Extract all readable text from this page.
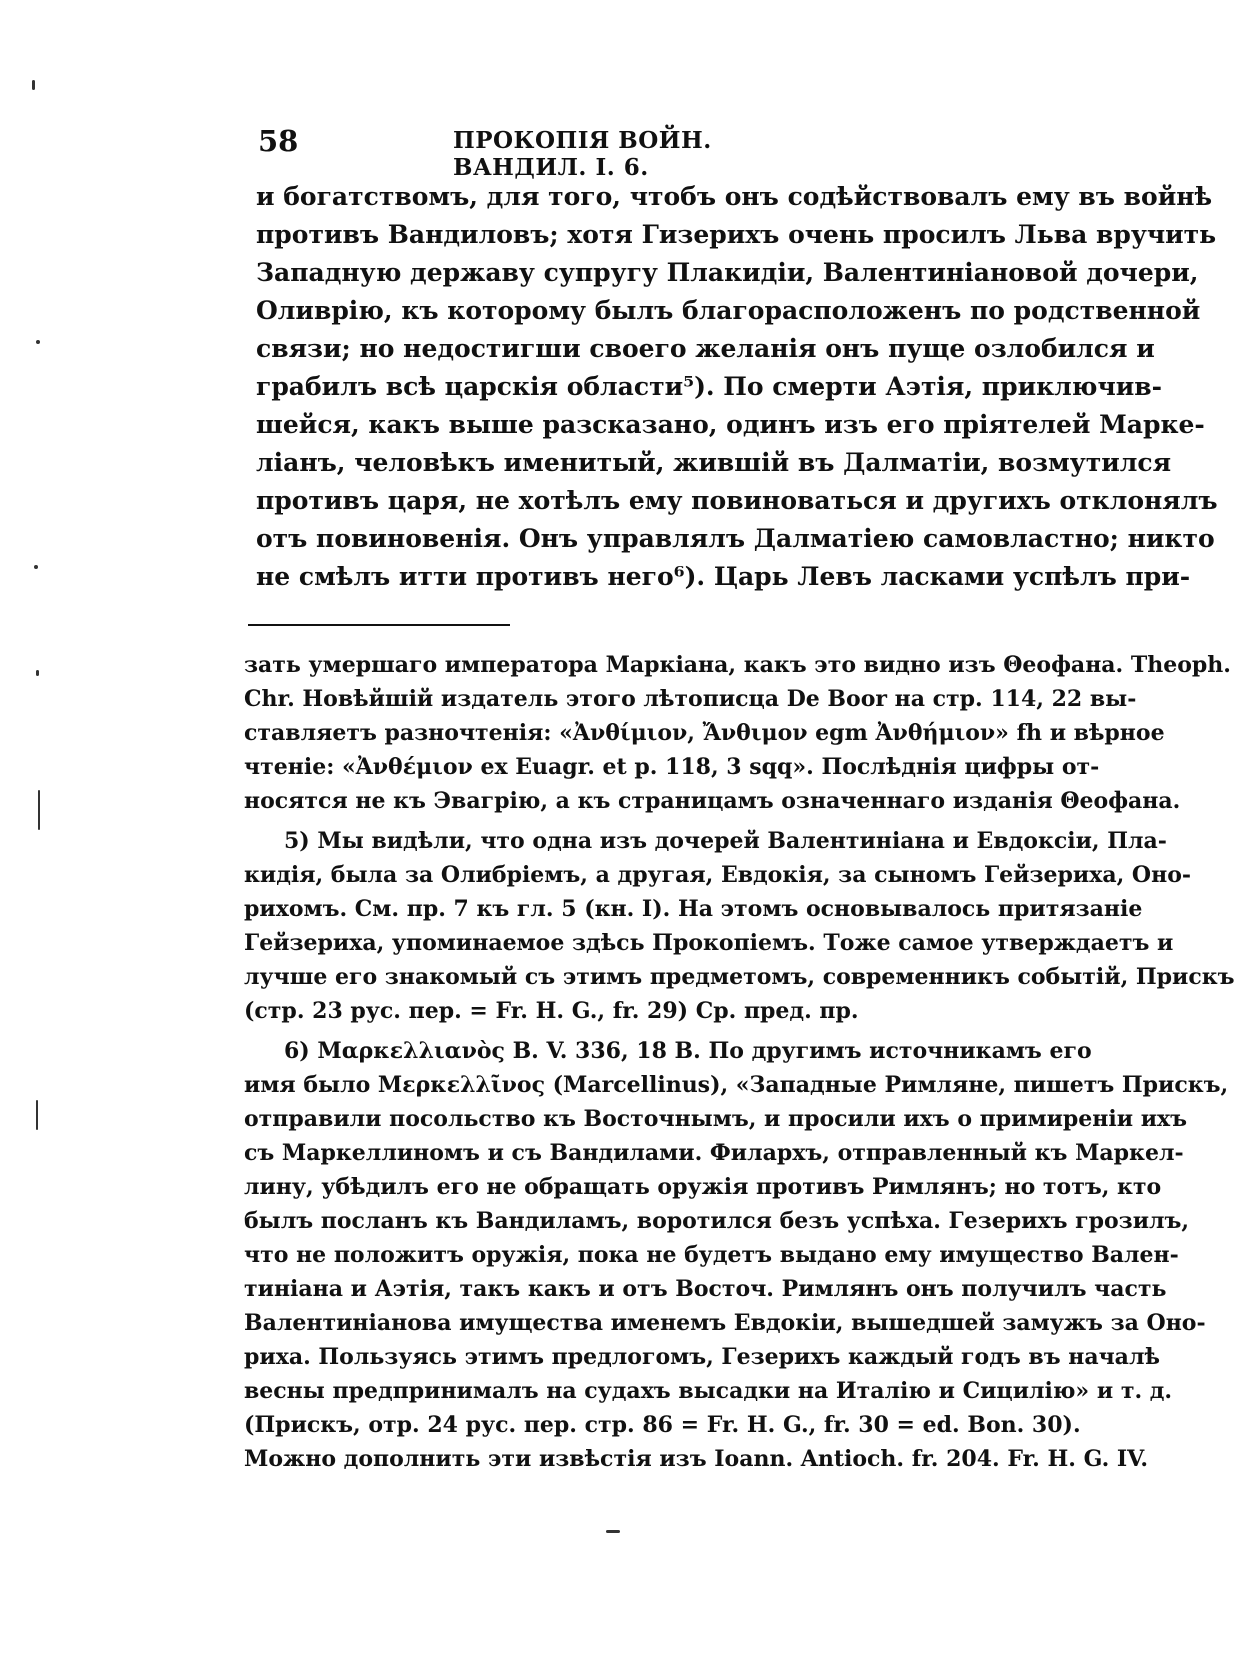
58	ПРОКОПІЯ ВОЙН. ВАНДИЛ. I. 6.
и богатствомъ, для того, чтобъ онъ содѣйствовалъ ему въ войнѣ
противъ Вандиловъ; хотя Гизерихъ очень просилъ Льва вручить
Западную державу супругу Плакидіи, Валентиніановой дочери,
Оливрію, къ которому былъ благорасположенъ по родственной
связи; но недостигши своего желанія онъ пуще озлобился и
грабилъ всѣ царскія области⁵). По смерти Аэтія, приключив-
шейся, какъ выше разсказано, одинъ изъ его пріятелей Марке-
ліанъ, человѣкъ именитый, жившій въ Далматіи, возмутился
противъ царя, не хотѣлъ ему повиноваться и другихъ отклонялъ
отъ повиновенія. Онъ управлялъ Далматіею самовластно; никто
не смѣлъ итти противъ него⁶). Царь Левъ ласками успѣлъ при-
зать умершаго императора Маркіана, какъ это видно изъ Θеофана. Theoph.
Chr. Новѣйшій издатель этого лѣтописца De Boor на стр. 114, 22 вы-
ставляетъ разночтенія: «Ἀνθίμιον, Ἄνθιμον egm Ἀνθήμιον» fh и вѣрное
чтеніе: «Ἀνθέμιον ex Euagr. et p. 118, 3 sqq». Послѣднія цифры от-
носятся не къ Эвагрію, а къ страницамъ означеннаго изданія Θеофана.
5) Мы видѣли, что одна изъ дочерей Валентиніана и Евдоксіи, Пла-
кидія, была за Олибріемъ, а другая, Евдокія, за сыномъ Гейзериха, Оно-
рихомъ. См. пр. 7 къ гл. 5 (кн. I). На этомъ основывалось притязаніе
Гейзериха, упоминаемое здѣсь Прокопіемъ. Тоже самое утверждаетъ и
лучше его знакомый съ этимъ предметомъ, современникъ событій, Прискъ
(стр. 23 рус. пер. = Fr. H. G., fr. 29) Ср. пред. пр.
6) Μαρκελλιανὸς B. V. 336, 18 B. По другимъ источникамъ его
имя было Μερκελλῖνος (Marcellinus), «Западные Римляне, пишетъ Прискъ,
отправили посольство къ Восточнымъ, и просили ихъ о примиреніи ихъ
съ Маркеллиномъ и съ Вандилами. Филархъ, отправленный къ Маркел-
лину, убѣдилъ его не обращать оружія противъ Римлянъ; но тотъ, кто
былъ посланъ къ Вандиламъ, воротился безъ успѣха. Гезерихъ грозилъ,
что не положитъ оружія, пока не будетъ выдано ему имущество Вален-
тиніана и Аэтія, такъ какъ и отъ Восточ. Римлянъ онъ получилъ часть
Валентиніанова имущества именемъ Евдокіи, вышедшей замужъ за Оно-
риха. Пользуясь этимъ предлогомъ, Гезерихъ каждый годъ въ началѣ
весны предпринималъ на судахъ высадки на Италію и Сицилію» и т. д.
(Прискъ, отр. 24 рус. пер. стр. 86 = Fr. H. G., fr. 30 = ed. Bon. 30).
Можно дополнить эти извѣстія изъ Ioann. Antioch. fr. 204. Fr. H. G. IV.
